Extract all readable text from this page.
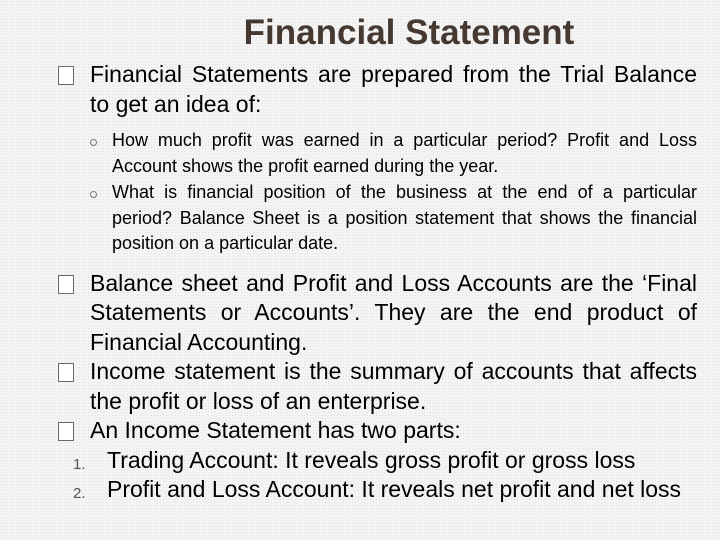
Financial Statement
Financial Statements are prepared from the Trial Balance to get an idea of:
How much profit was earned in a particular period? Profit and Loss Account shows the profit earned during the year.
What is financial position of the business at the end of a particular period? Balance Sheet is a position statement that shows the financial position on a particular date.
Balance sheet and Profit and Loss Accounts are the ‘Final Statements or Accounts’. They are the end product of Financial Accounting.
Income statement is the summary of accounts that affects the profit or loss of an enterprise.
An Income Statement has two parts:
1. Trading Account: It reveals gross profit or gross loss
2. Profit and Loss Account: It reveals net profit and net loss
